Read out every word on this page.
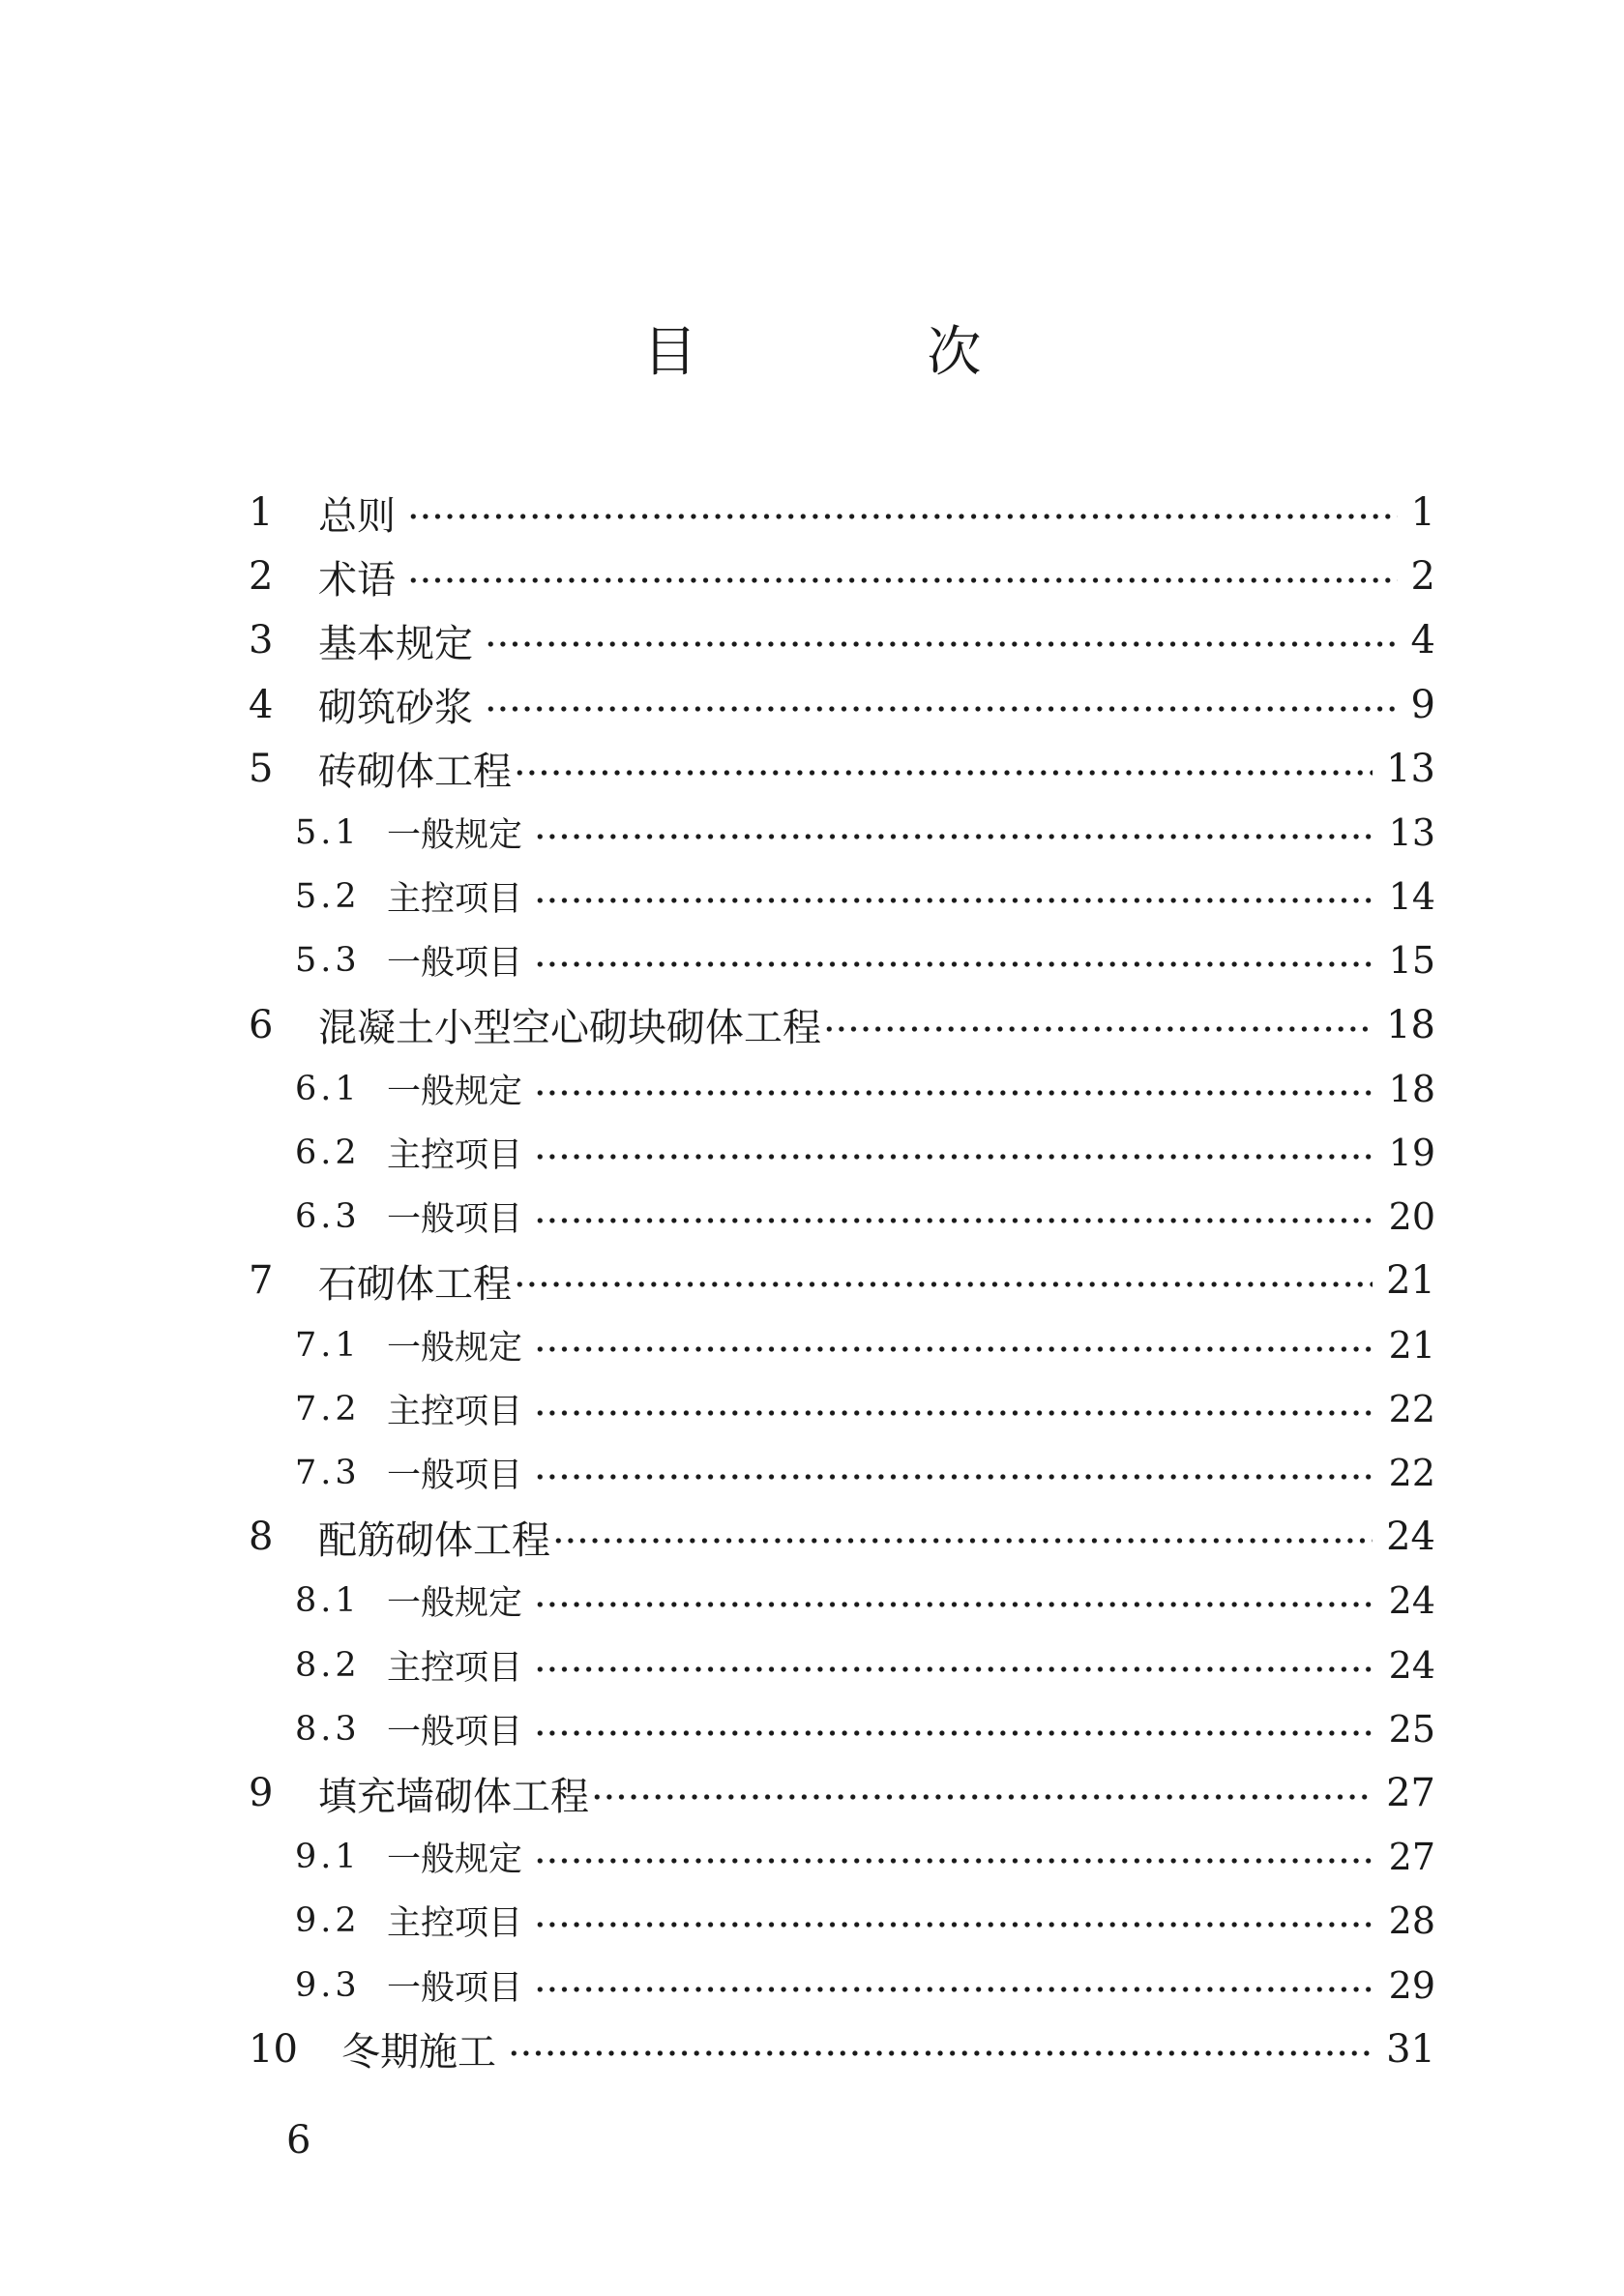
目 次
1	总则	1
2	术语	2
3	基本规定	4
4	砌筑砂浆	9
5	砖砌体工程	13
5.1 一般规定	13
5.2 主控项目	14
5.3 一般项目	15
6	混凝土小型空心砌块砌体工程	18
6.1 一般规定	18
6.2 主控项目	19
6.3 一般项目	20
7	石砌体工程	21
7.1 一般规定	21
7.2 主控项目	22
7.3 一般项目	22
8	配筋砌体工程	24
8.1 一般规定	24
8.2 主控项目	24
8.3 一般项目	25
9	填充墙砌体工程	27
9.1 一般规定	27
9.2 主控项目	28
9.3 一般项目	29
10	冬期施工	31
6
